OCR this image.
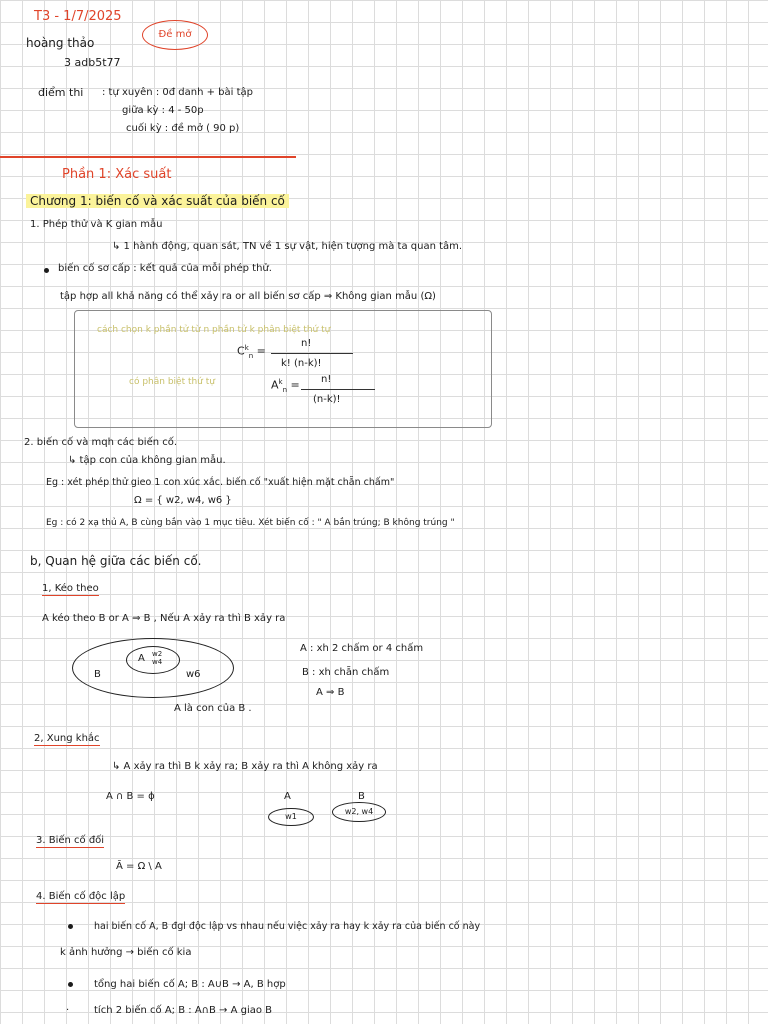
T3 - 1/7/2025
hoàng thảo
3 adb5t77
Đề mở
điểm thi : tự xuyên : 0đ danh + bài tập
giữa kỳ : 4 - 50p
cuối kỳ : đề mở ( 90 p)
Phần 1: Xác suất
Chương 1: biến cố và xác suất của biến cố
1. Phép thử và K gian mẫu
↳ 1 hành động, quan sát, TN về 1 sự vật, hiện tượng mà ta quan tâm.
biến cố sơ cấp : kết quả của mỗi phép thử.
tập hợp all khả năng có thể xảy ra or all biến sơ cấp ⇒ Không gian mẫu (Ω)
cách chọn k phần tử từ n phần tử k phân biệt thứ tự
$C^k_n$ =
n!
k! (n-k)!
có phân biệt thứ tự	$A^k_n = n$!
(n-k)!
2. biến cố và mqh các biến cố.
↳ tập con của không gian mẫu.
Eg : xét phép thử gieo 1 con xúc xắc. biến cố "xuất hiện mặt chẵn chấm"
Ω = { w2, w4, w6 }
Eg : có 2 xạ thủ A, B cùng bắn vào 1 mục tiêu. Xét biến cố : " A bắn trúng; B không trúng "
b, Quan hệ giữa các biến cố.
1, Kéo theo
A kéo theo B or A ⇒ B , Nếu A xảy ra thì B xảy ra
A w2 w4
B	w6
A : xh 2 chấm or 4 chấm
B : xh chẵn chấm
A ⇒ B
A là con của B .
2, Xung khắc
↳ A xảy ra thì B k xảy ra; B xảy ra thì A không xảy ra
A ∩ B = ϕ	A	B
w1
w2, w4
3. Biến cố đối
Ā = Ω \ A
4. Biến cố độc lập
hai biến cố A, B đgl độc lập vs nhau nếu việc xảy ra hay k xảy ra của biến cố này
k ảnh hưởng → biến cố kia
tổng hai biến cố A; B : A∪B → A, B hợp
· tích 2 biến cố A; B : A∩B → A giao B
